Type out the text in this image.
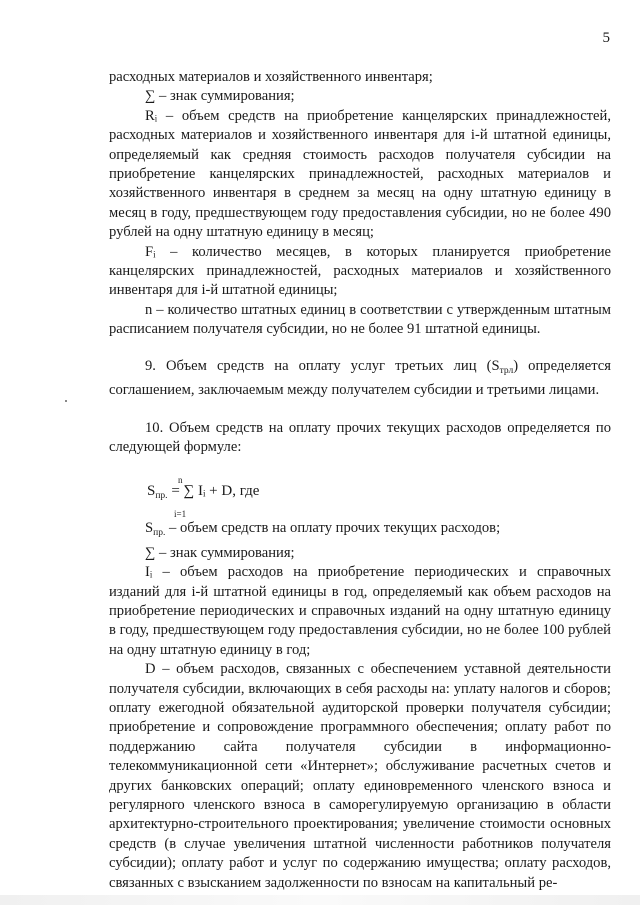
5

расходных материалов и хозяйственного инвентаря;

∑ – знак суммирования;

Rᵢ – объем средств на приобретение канцелярских принадлежностей, расходных материалов и хозяйственного инвентаря для i-й штатной единицы, определяемый как средняя стоимость расходов получателя субсидии на приобретение канцелярских принадлежностей, расходных материалов и хозяйственного инвентаря в среднем за месяц на одну штатную единицу в месяц в году, предшествующем году предоставления субсидии, но не более 490 рублей на одну штатную единицу в месяц;

Fᵢ – количество месяцев, в которых планируется приобретение канцелярских принадлежностей, расходных материалов и хозяйственного инвентаря для i-й штатной единицы;

n – количество штатных единиц в соответствии с утвержденным штатным расписанием получателя субсидии, но не более 91 штатной единицы.

9. Объем средств на оплату услуг третьих лиц $(S_{трл})$ определяется соглашением, заключаемым между получателем субсидии и третьими лицами.

10. Объем средств на оплату прочих текущих расходов определяется по следующей формуле:

n
$S_{пр.}$ = ∑ Iᵢ + D, где
i=1

$S_{пр.}$ – объем средств на оплату прочих текущих расходов;

∑ – знак суммирования;

Iᵢ – объем расходов на приобретение периодических и справочных изданий для i-й штатной единицы в год, определяемый как объем расходов на приобретение периодических и справочных изданий на одну штатную единицу в году, предшествующем году предоставления субсидии, но не более 100 рублей на одну штатную единицу в год;

D – объем расходов, связанных с обеспечением уставной деятельности получателя субсидии, включающих в себя расходы на: уплату налогов и сборов; оплату ежегодной обязательной аудиторской проверки получателя субсидии; приобретение и сопровождение программного обеспечения; оплату работ по поддержанию сайта получателя субсидии в информационно-телекоммуникационной сети «Интернет»; обслуживание расчетных счетов и других банковских операций; оплату единовременного членского взноса и регулярного членского взноса в саморегулируемую организацию в области архитектурно-строительного проектирования; увеличение стоимости основных средств (в случае увеличения штатной численности работников получателя субсидии); оплату работ и услуг по содержанию имущества; оплату расходов, связанных с взысканием задолженности по взносам на капитальный ре-
